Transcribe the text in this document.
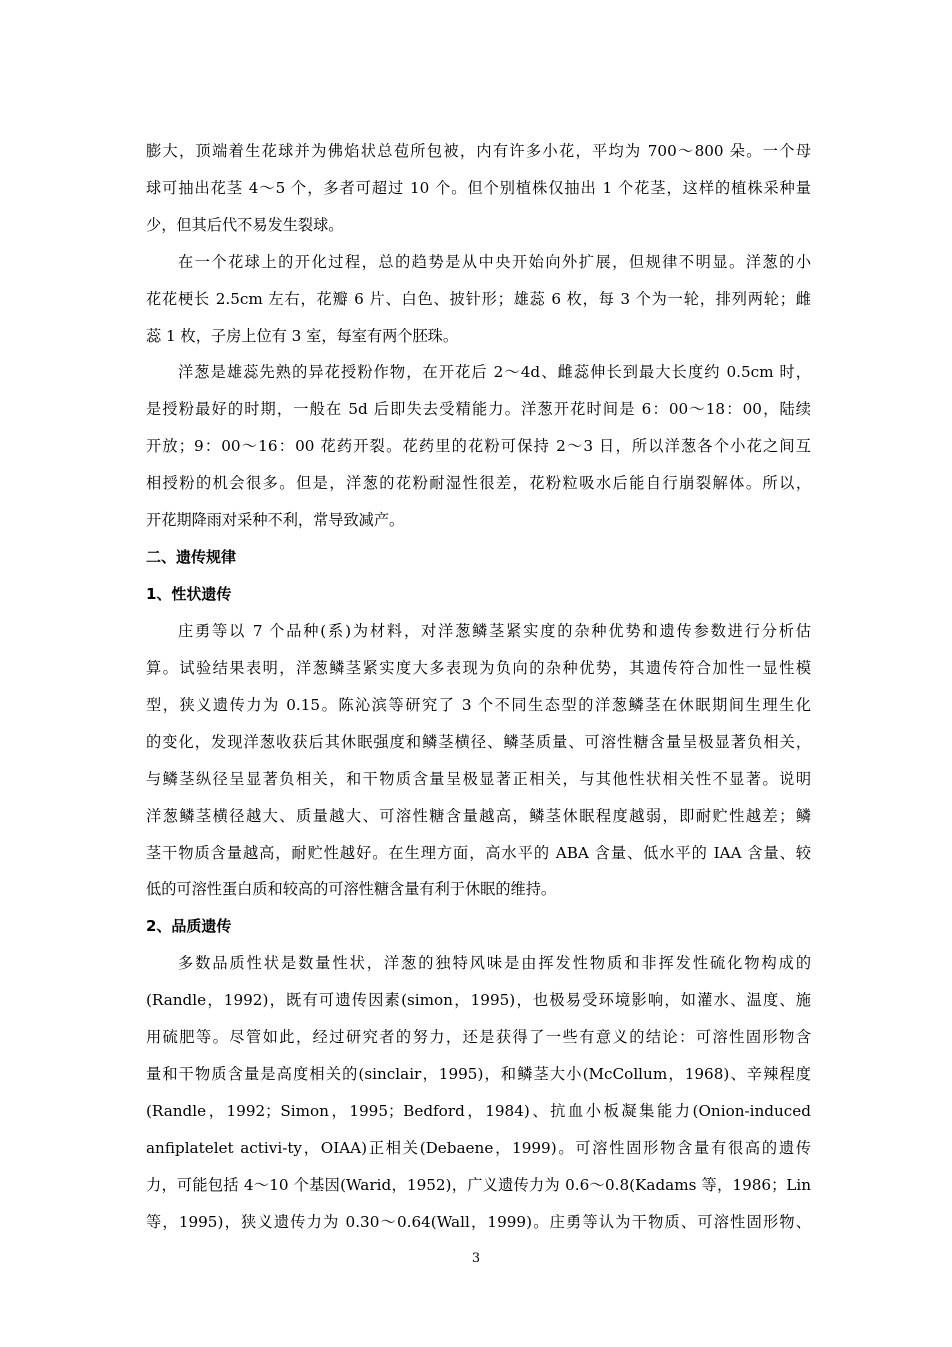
膨大，顶端着生花球并为佛焰状总苞所包被，内有许多小花，平均为 700～800 朵。一个母
球可抽出花茎 4～5 个，多者可超过 10 个。但个别植株仅抽出 1 个花茎，这样的植株采种量
少，但其后代不易发生裂球。
在一个花球上的开化过程，总的趋势是从中央开始向外扩展，但规律不明显。洋葱的小
花花梗长 2.5cm 左右，花瓣 6 片、白色、披针形；雄蕊 6 枚，每 3 个为一轮，排列两轮；雌
蕊 1 枚，子房上位有 3 室，每室有两个胚珠。
洋葱是雄蕊先熟的异花授粉作物，在开花后 2～4d、雌蕊伸长到最大长度约 0.5cm 时，
是授粉最好的时期，一般在 5d 后即失去受精能力。洋葱开花时间是 6：00～18：00，陆续
开放；9：00～16：00 花药开裂。花药里的花粉可保持 2～3 日，所以洋葱各个小花之间互
相授粉的机会很多。但是，洋葱的花粉耐湿性很差，花粉粒吸水后能自行崩裂解体。所以，
开花期降雨对采种不利，常导致减产。
二、遗传规律
1、性状遗传
庄勇等以 7 个品种(系)为材料，对洋葱鳞茎紧实度的杂种优势和遗传参数进行分析估
算。试验结果表明，洋葱鳞茎紧实度大多表现为负向的杂种优势，其遗传符合加性一显性模
型，狭义遗传力为 0.15。陈沁滨等研究了 3 个不同生态型的洋葱鳞茎在休眠期间生理生化
的变化，发现洋葱收获后其休眠强度和鳞茎横径、鳞茎质量、可溶性糖含量呈极显著负相关，
与鳞茎纵径呈显著负相关，和干物质含量呈极显著正相关，与其他性状相关性不显著。说明
洋葱鳞茎横径越大、质量越大、可溶性糖含量越高，鳞茎休眠程度越弱，即耐贮性越差；鳞
茎干物质含量越高，耐贮性越好。在生理方面，高水平的 ABA 含量、低水平的 IAA 含量、较
低的可溶性蛋白质和较高的可溶性糖含量有利于休眠的维持。
2、品质遗传
多数品质性状是数量性状，洋葱的独特风味是由挥发性物质和非挥发性硫化物构成的
(Randle，1992)，既有可遗传因素(simon，1995)，也极易受环境影响，如灌水、温度、施
用硫肥等。尽管如此，经过研究者的努力，还是获得了一些有意义的结论：可溶性固形物含
量和干物质含量是高度相关的(sinclair，1995)，和鳞茎大小(McCollum，1968)、辛辣程度
(Randle，1992；Simon，1995；Bedford，1984)、抗血小板凝集能力(Onion-induced
anfiplatelet activi-ty，OIAA)正相关(Debaene，1999)。可溶性固形物含量有很高的遗传
力，可能包括 4～10 个基因(Warid，1952)，广义遗传力为 0.6～0.8(Kadams 等，1986；Lin
等，1995)，狭义遗传力为 0.30～0.64(Wall，1999)。庄勇等认为干物质、可溶性固形物、
3
